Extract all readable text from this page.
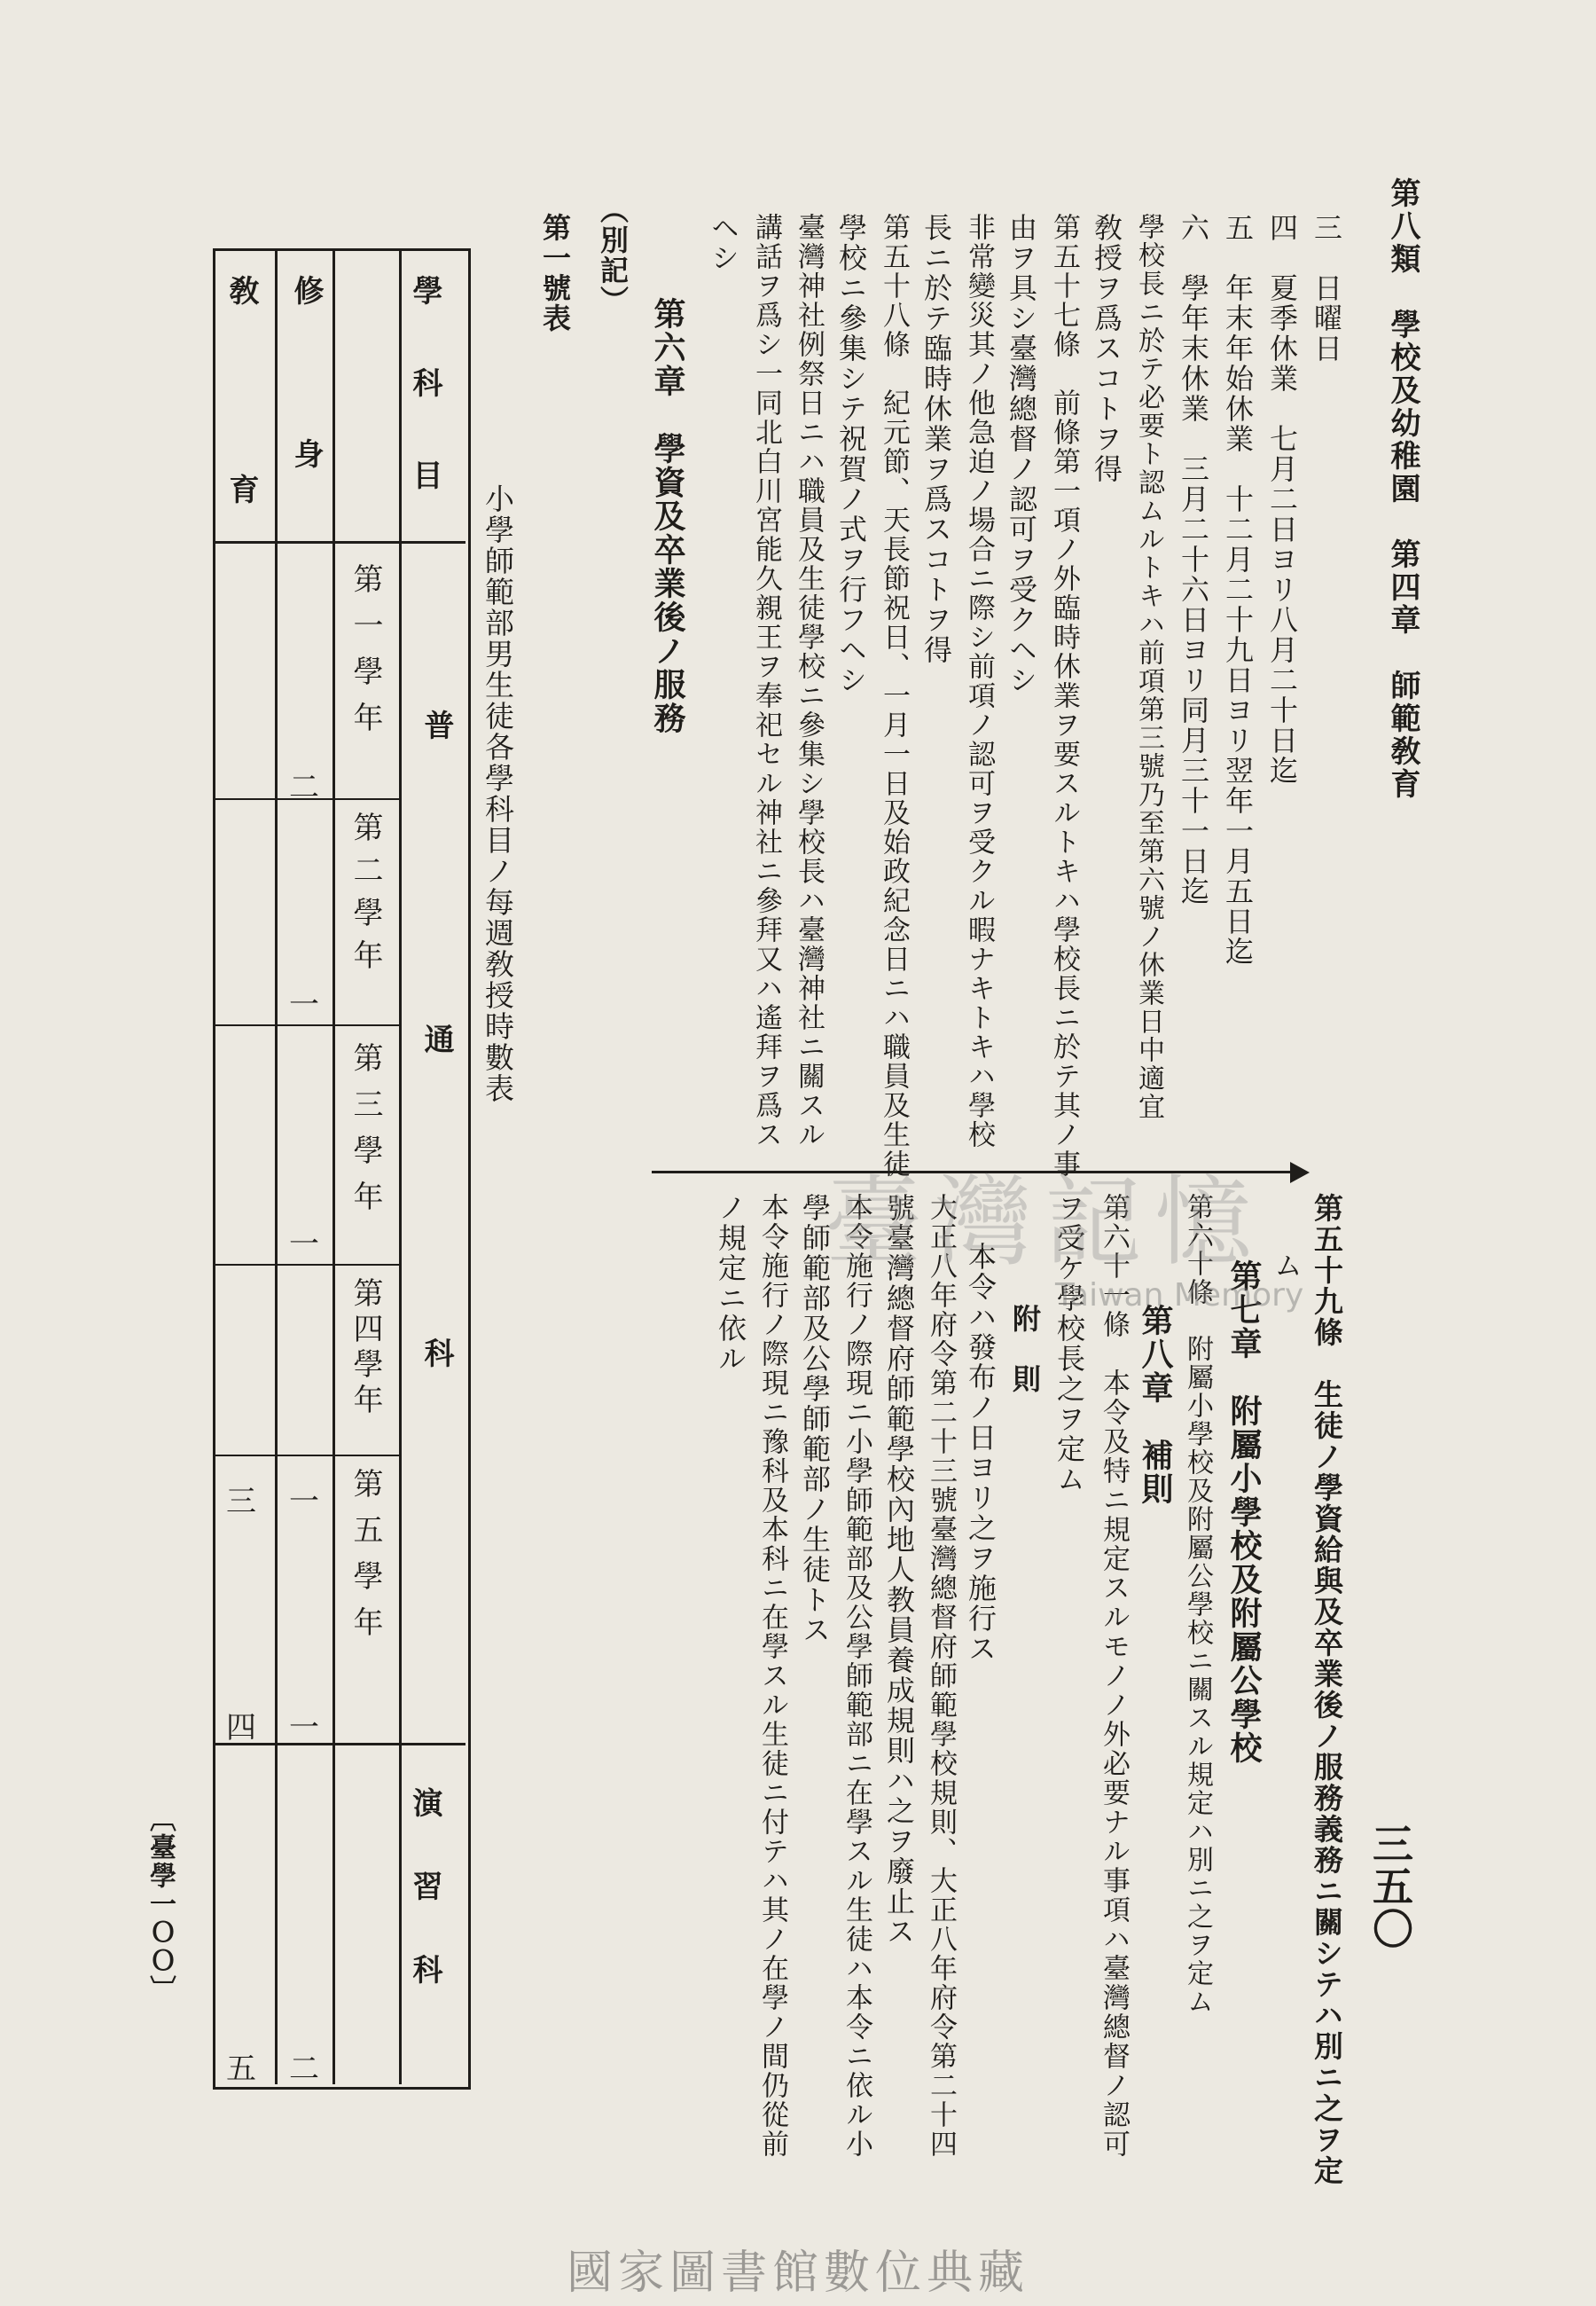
第八類　學校及幼稚園　第四章　師範敎育
三五〇
第五十九條　生徒ノ學資給與及卒業後ノ服務義務ニ關シテハ別ニ之ヲ定
ム
第七章　附屬小學校及附屬公學校
第六十條　附屬小學校及附屬公學校ニ關スル規定ハ別ニ之ヲ定ム
第八章　補則
第六十一條　本令及特ニ規定スルモノノ外必要ナル事項ハ臺灣總督ノ認可
ヲ受ケ學校長之ヲ定ム
附　則
本令ハ發布ノ日ヨリ之ヲ施行ス
大正八年府令第二十三號臺灣總督府師範學校規則、大正八年府令第二十四
號臺灣總督府師範學校內地人教員養成規則ハ之ヲ廢止ス
本令施行ノ際現ニ小學師範部及公學師範部ニ在學スル生徒ハ本令ニ依ル小
學師範部及公學師範部ノ生徒トス
本令施行ノ際現ニ豫科及本科ニ在學スル生徒ニ付テハ其ノ在學ノ間仍從前
ノ規定ニ依ル
三　日曜日
四　夏季休業　七月二日ヨリ八月二十日迄
五　年末年始休業　十二月二十九日ヨリ翌年一月五日迄
六　學年末休業　三月二十六日ヨリ同月三十一日迄
學校長ニ於テ必要ト認ムルトキハ前項第三號乃至第六號ノ休業日中適宜
敎授ヲ爲スコトヲ得
第五十七條　前條第一項ノ外臨時休業ヲ要スルトキハ學校長ニ於テ其ノ事
由ヲ具シ臺灣總督ノ認可ヲ受クヘシ
非常變災其ノ他急迫ノ場合ニ際シ前項ノ認可ヲ受クル暇ナキトキハ學校
長ニ於テ臨時休業ヲ爲スコトヲ得
第五十八條　紀元節、天長節祝日、一月一日及始政紀念日ニハ職員及生徒
學校ニ參集シテ祝賀ノ式ヲ行フヘシ
臺灣神社例祭日ニハ職員及生徒學校ニ參集シ學校長ハ臺灣神社ニ關スル
講話ヲ爲シ一同北白川宮能久親王ヲ奉祀セル神社ニ參拜又ハ遙拜ヲ爲ス
ヘシ
第六章　學資及卒業後ノ服務
（別記）
第一號表
小學師範部男生徒各學科目ノ每週敎授時數表
學科目
普通科
演習科
第一學年
第二學年
第三學年
第四學年
第五學年
修身
二
一
一
一
一
二
敎育
三
四
五
〔臺學一ＯＯ〕
臺灣記憶
Taiwan Memory
國家圖書館數位典藏
